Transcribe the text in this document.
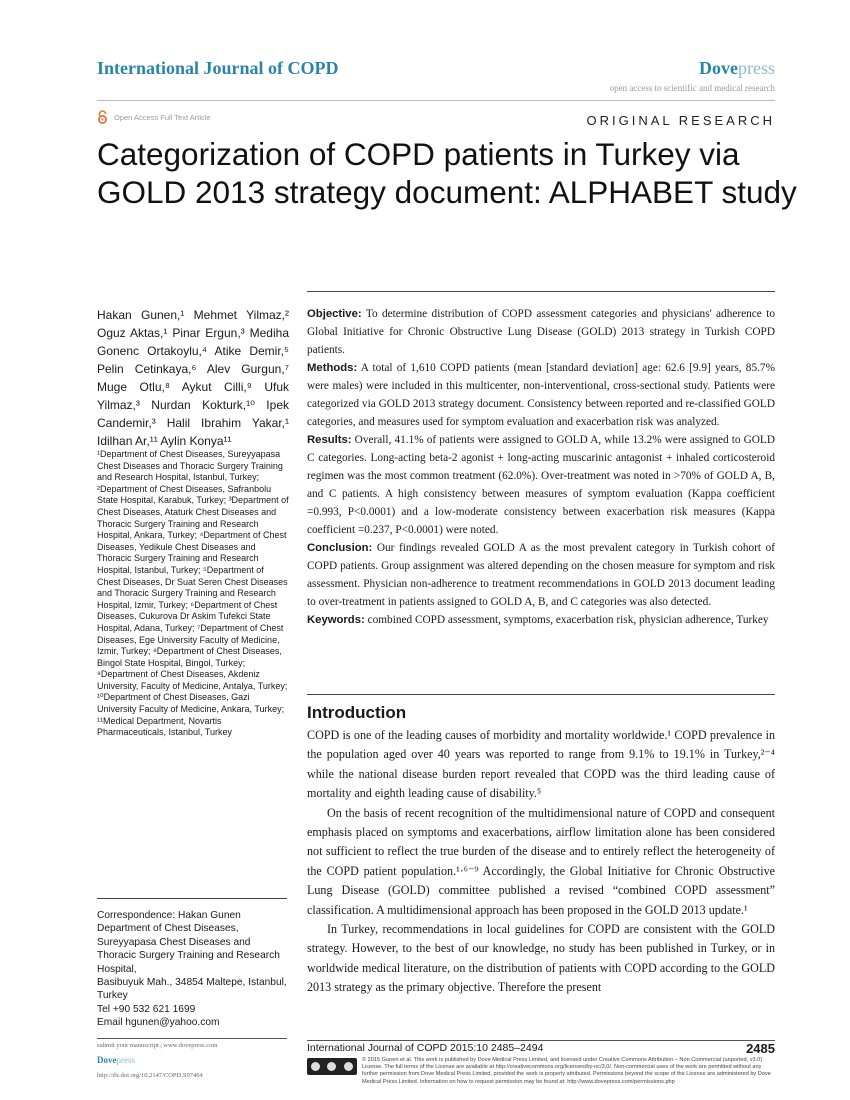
International Journal of COPD	Dovepress
open access to scientific and medical research
Open Access Full Text Article	ORIGINAL RESEARCH
Categorization of COPD patients in Turkey via
GOLD 2013 strategy document: ALPHABET study
Hakan Gunen,¹ Mehmet Yilmaz,² Oguz Aktas,¹ Pinar Ergun,³ Mediha Gonenc Ortakoylu,⁴ Atike Demir,⁵ Pelin Cetinkaya,⁶ Alev Gurgun,⁷ Muge Otlu,⁸ Aykut Cilli,⁹ Ufuk Yilmaz,³ Nurdan Kokturk,¹⁰ Ipek Candemir,³ Halil Ibrahim Yakar,¹ Idilhan Ar,¹¹ Aylin Konya¹¹
¹Department of Chest Diseases, Sureyyapasa Chest Diseases and Thoracic Surgery Training and Research Hospital, Istanbul, Turkey; ²Department of Chest Diseases, Safranbolu State Hospital, Karabuk, Turkey; ³Department of Chest Diseases, Ataturk Chest Diseases and Thoracic Surgery Training and Research Hospital, Ankara, Turkey; ⁴Department of Chest Diseases, Yedikule Chest Diseases and Thoracic Surgery Training and Research Hospital, Istanbul, Turkey; ⁵Department of Chest Diseases, Dr Suat Seren Chest Diseases and Thoracic Surgery Training and Research Hospital, Izmir, Turkey; ⁶Department of Chest Diseases, Cukurova Dr Askim Tufekci State Hospital, Adana, Turkey; ⁷Department of Chest Diseases, Ege University Faculty of Medicine, Izmir, Turkey; ⁸Department of Chest Diseases, Bingol State Hospital, Bingol, Turkey; ⁹Department of Chest Diseases, Akdeniz University, Faculty of Medicine, Antalya, Turkey; ¹⁰Department of Chest Diseases, Gazi University Faculty of Medicine, Ankara, Turkey; ¹¹Medical Department, Novartis Pharmaceuticals, Istanbul, Turkey
Correspondence: Hakan Gunen
Department of Chest Diseases,
Sureyyapasa Chest Diseases and Thoracic Surgery Training and Research Hospital,
Basibuyuk Mah., 34854 Maltepe, Istanbul, Turkey
Tel +90 532 621 1699
Email hgunen@yahoo.com

Objective: To determine distribution of COPD assessment categories and physicians' adherence to Global Initiative for Chronic Obstructive Lung Disease (GOLD) 2013 strategy in Turkish COPD patients.

Methods: A total of 1,610 COPD patients (mean [standard deviation] age: 62.6 [9.9] years, 85.7% were males) were included in this multicenter, non-interventional, cross-sectional study. Patients were categorized via GOLD 2013 strategy document. Consistency between reported and re-classified GOLD categories, and measures used for symptom evaluation and exacerbation risk was analyzed.

Results: Overall, 41.1% of patients were assigned to GOLD A, while 13.2% were assigned to GOLD C categories. Long-acting beta-2 agonist + long-acting muscarinic antagonist + inhaled corticosteroid regimen was the most common treatment (62.0%). Over-treatment was noted in >70% of GOLD A, B, and C patients. A high consistency between measures of symptom evaluation (Kappa coefficient =0.993, P<0.0001) and a low-moderate consistency between exacerbation risk measures (Kappa coefficient =0.237, P<0.0001) were noted.

Conclusion: Our findings revealed GOLD A as the most prevalent category in Turkish cohort of COPD patients. Group assignment was altered depending on the chosen measure for symptom and risk assessment. Physician non-adherence to treatment recommendations in GOLD 2013 document leading to over-treatment in patients assigned to GOLD A, B, and C categories was also detected.

Keywords: combined COPD assessment, symptoms, exacerbation risk, physician adherence, Turkey

Introduction

COPD is one of the leading causes of morbidity and mortality worldwide.¹ COPD prevalence in the population aged over 40 years was reported to range from 9.1% to 19.1% in Turkey,²⁻⁴ while the national disease burden report revealed that COPD was the third leading cause of mortality and eighth leading cause of disability.⁵

On the basis of recent recognition of the multidimensional nature of COPD and consequent emphasis placed on symptoms and exacerbations, airflow limitation alone has been considered not sufficient to reflect the true burden of the disease and to entirely reflect the heterogeneity of the COPD patient population.¹·⁶⁻⁹ Accordingly, the Global Initiative for Chronic Obstructive Lung Disease (GOLD) committee published a revised “combined COPD assessment” classification. A multidimensional approach has been proposed in the GOLD 2013 update.¹

In Turkey, recommendations in local guidelines for COPD are consistent with the GOLD strategy. However, to the best of our knowledge, no study has been published in Turkey, or in worldwide medical literature, on the distribution of patients with COPD according to the GOLD 2013 strategy as the primary objective. Therefore the present

submit your manuscript | www.dovepress.com
Dovepress
http://dx.doi.org/10.2147/COPD.S97464
International Journal of COPD 2015:10 2485–2494	2485
© 2015 Gunen et al. This work is published by Dove Medical Press Limited, and licensed under Creative Commons Attribution – Non Commercial (unported, v3.0) License. The full terms of the License are available at http://creativecommons.org/licenses/by-nc/3.0/. Non-commercial uses of the work are permitted without any further permission from Dove Medical Press Limited, provided the work is properly attributed. Permissions beyond the scope of the License are administered by Dove Medical Press Limited. Information on how to request permission may be found at: http://www.dovepress.com/permissions.php
